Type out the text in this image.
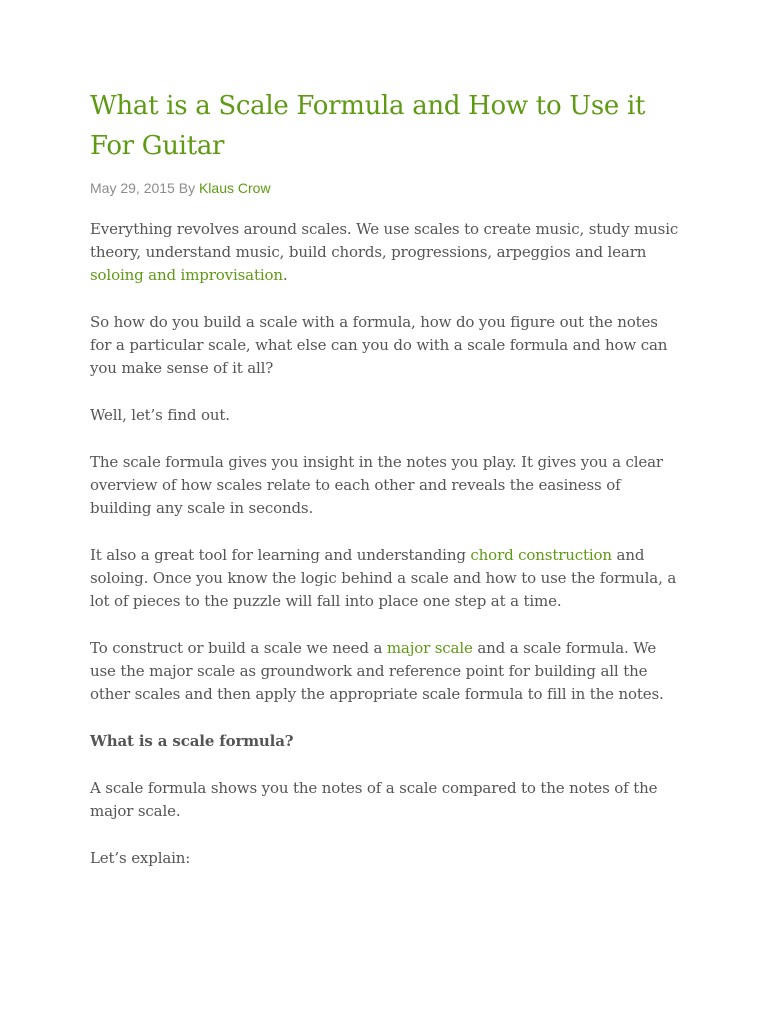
What is a Scale Formula and How to Use it For Guitar
May 29, 2015 By Klaus Crow

Everything revolves around scales. We use scales to create music, study music theory, understand music, build chords, progressions, arpeggios and learn soloing and improvisation.

So how do you build a scale with a formula, how do you figure out the notes for a particular scale, what else can you do with a scale formula and how can you make sense of it all?

Well, let’s find out.

The scale formula gives you insight in the notes you play. It gives you a clear overview of how scales relate to each other and reveals the easiness of building any scale in seconds.

It also a great tool for learning and understanding chord construction and soloing. Once you know the logic behind a scale and how to use the formula, a lot of pieces to the puzzle will fall into place one step at a time.

To construct or build a scale we need a major scale and a scale formula. We use the major scale as groundwork and reference point for building all the other scales and then apply the appropriate scale formula to fill in the notes.

What is a scale formula?

A scale formula shows you the notes of a scale compared to the notes of the major scale.

Let’s explain:
